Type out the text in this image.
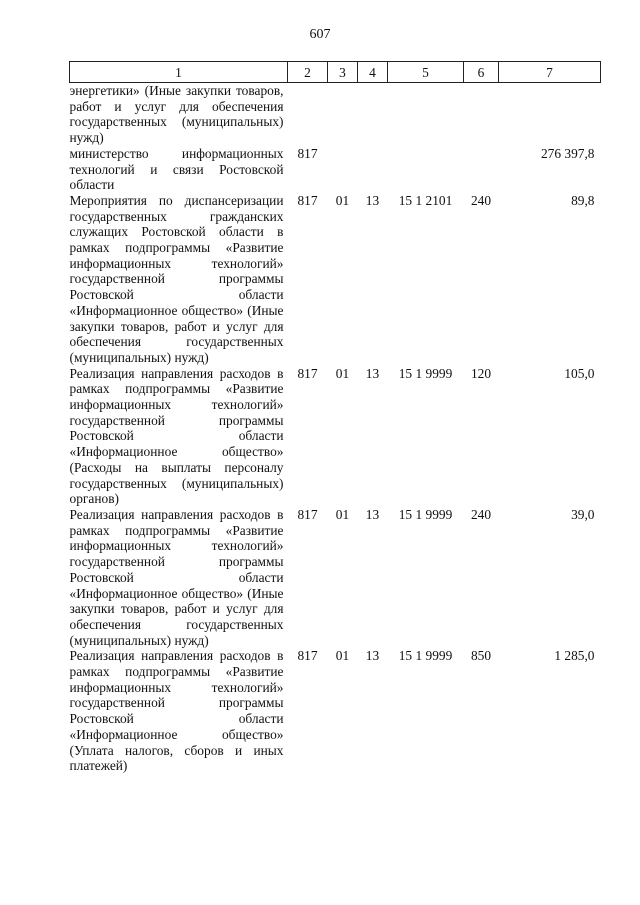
607
1	2	3	4	5	6	7
энергетики» (Иные закупки товаров, работ и услуг для обеспечения государственных (муниципальных) нужд)						
министерство информационных технологий и связи Ростовской области	817					276 397,8
Мероприятия по диспансеризации государственных гражданских служащих Ростовской области в рамках подпрограммы «Развитие информационных технологий» государственной программы Ростовской области «Информационное общество» (Иные закупки товаров, работ и услуг для обеспечения государственных (муниципальных) нужд)	817	01	13	15 1 2101	240	89,8
Реализация направления расходов в рамках подпрограммы «Развитие информационных технологий» государственной программы Ростовской области «Информационное общество» (Расходы на выплаты персоналу государственных (муниципальных) органов)	817	01	13	15 1 9999	120	105,0
Реализация направления расходов в рамках подпрограммы «Развитие информационных технологий» государственной программы Ростовской области «Информационное общество» (Иные закупки товаров, работ и услуг для обеспечения государственных (муниципальных) нужд)	817	01	13	15 1 9999	240	39,0
Реализация направления расходов в рамках подпрограммы «Развитие информационных технологий» государственной программы Ростовской области «Информационное общество» (Уплата налогов, сборов и иных платежей)	817	01	13	15 1 9999	850	1 285,0
